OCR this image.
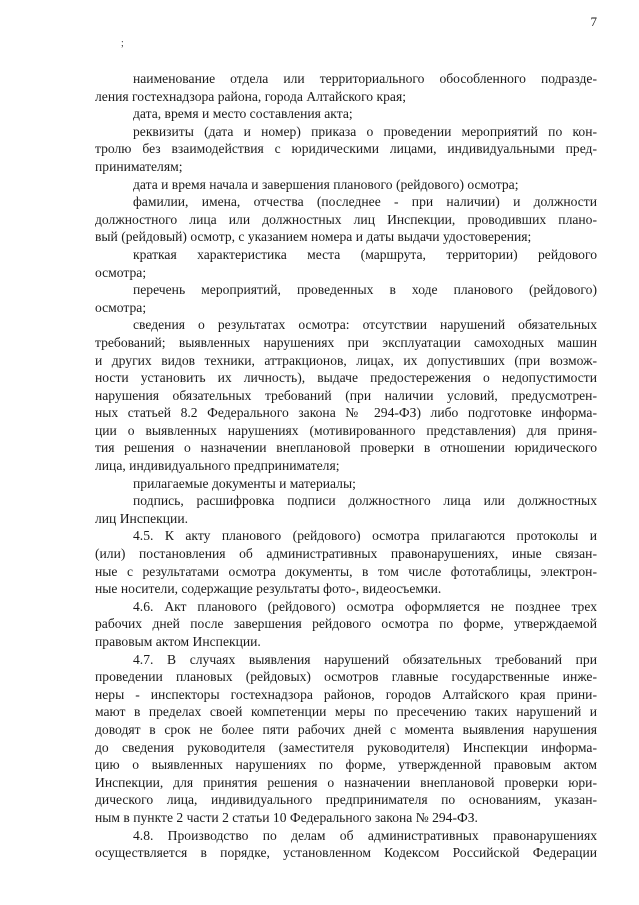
7
;
наименование отдела или территориального обособленного подразде-
ления гостехнадзора района, города Алтайского края;
дата, время и место составления акта;
реквизиты (дата и номер) приказа о проведении мероприятий по кон-
тролю без взаимодействия с юридическими лицами, индивидуальными пред-
принимателям;
дата и время начала и завершения планового (рейдового) осмотра;
фамилии, имена, отчества (последнее - при наличии) и должности
должностного лица или должностных лиц Инспекции, проводивших плано-
вый (рейдовый) осмотр, с указанием номера и даты выдачи удостоверения;
краткая характеристика места (маршрута, территории) рейдового
осмотра;
перечень мероприятий, проведенных в ходе планового (рейдового)
осмотра;
сведения о результатах осмотра: отсутствии нарушений обязательных
требований; выявленных нарушениях при эксплуатации самоходных машин
и других видов техники, аттракционов, лицах, их допустивших (при возмож-
ности установить их личность), выдаче предостережения о недопустимости
нарушения обязательных требований (при наличии условий, предусмотрен-
ных статьей 8.2 Федерального закона № 294-ФЗ) либо подготовке информа-
ции о выявленных нарушениях (мотивированного представления) для приня-
тия решения о назначении внеплановой проверки в отношении юридического
лица, индивидуального предпринимателя;
прилагаемые документы и материалы;
подпись, расшифровка подписи должностного лица или должностных
лиц Инспекции.
4.5. К акту планового (рейдового) осмотра прилагаются протоколы и
(или) постановления об административных правонарушениях, иные связан-
ные с результатами осмотра документы, в том числе фототаблицы, электрон-
ные носители, содержащие результаты фото-, видеосъемки.
4.6. Акт планового (рейдового) осмотра оформляется не позднее трех
рабочих дней после завершения рейдового осмотра по форме, утверждаемой
правовым актом Инспекции.
4.7. В случаях выявления нарушений обязательных требований при
проведении плановых (рейдовых) осмотров главные государственные инже-
неры - инспекторы гостехнадзора районов, городов Алтайского края прини-
мают в пределах своей компетенции меры по пресечению таких нарушений и
доводят в срок не более пяти рабочих дней с момента выявления нарушения
до сведения руководителя (заместителя руководителя) Инспекции информа-
цию о выявленных нарушениях по форме, утвержденной правовым актом
Инспекции, для принятия решения о назначении внеплановой проверки юри-
дического лица, индивидуального предпринимателя по основаниям, указан-
ным в пункте 2 части 2 статьи 10 Федерального закона № 294-ФЗ.
4.8. Производство по делам об административных правонарушениях
осуществляется в порядке, установленном Кодексом Российской Федерации
